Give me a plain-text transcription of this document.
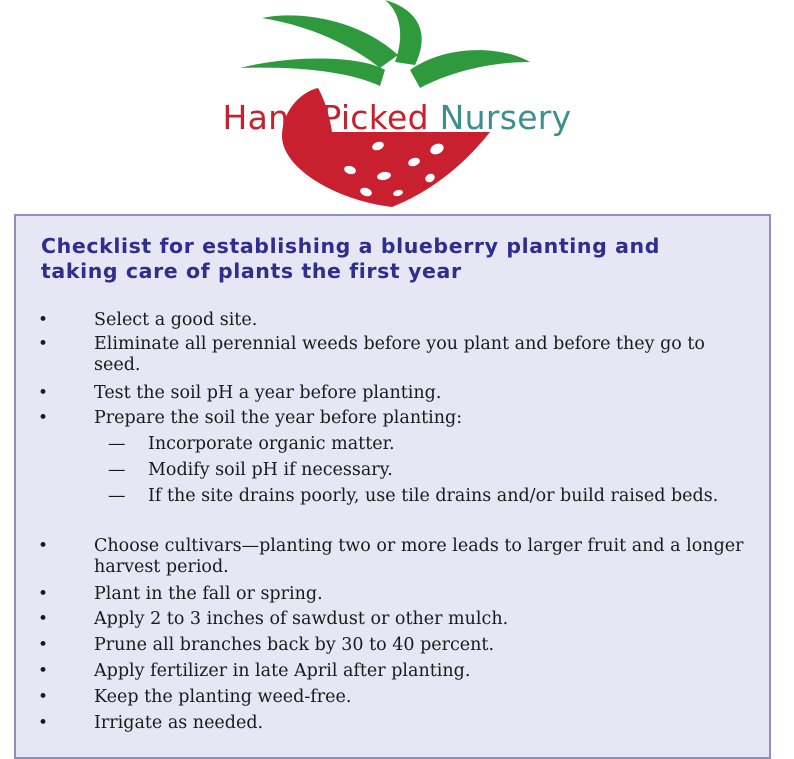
Hand Picked Nursery
Checklist for establishing a blueberry planting and taking care of plants the first year
•	Select a good site.
•	Eliminate all perennial weeds before you plant and before they go to seed.
•	Test the soil pH a year before planting.
•	Prepare the soil the year before planting:
— Incorporate organic matter.
— Modify soil pH if necessary.
— If the site drains poorly, use tile drains and/or build raised beds.
•	Choose cultivars—planting two or more leads to larger fruit and a longer harvest period.
•	Plant in the fall or spring.
•	Apply 2 to 3 inches of sawdust or other mulch.
•	Prune all branches back by 30 to 40 percent.
•	Apply fertilizer in late April after planting.
•	Keep the planting weed-free.
•	Irrigate as needed.
